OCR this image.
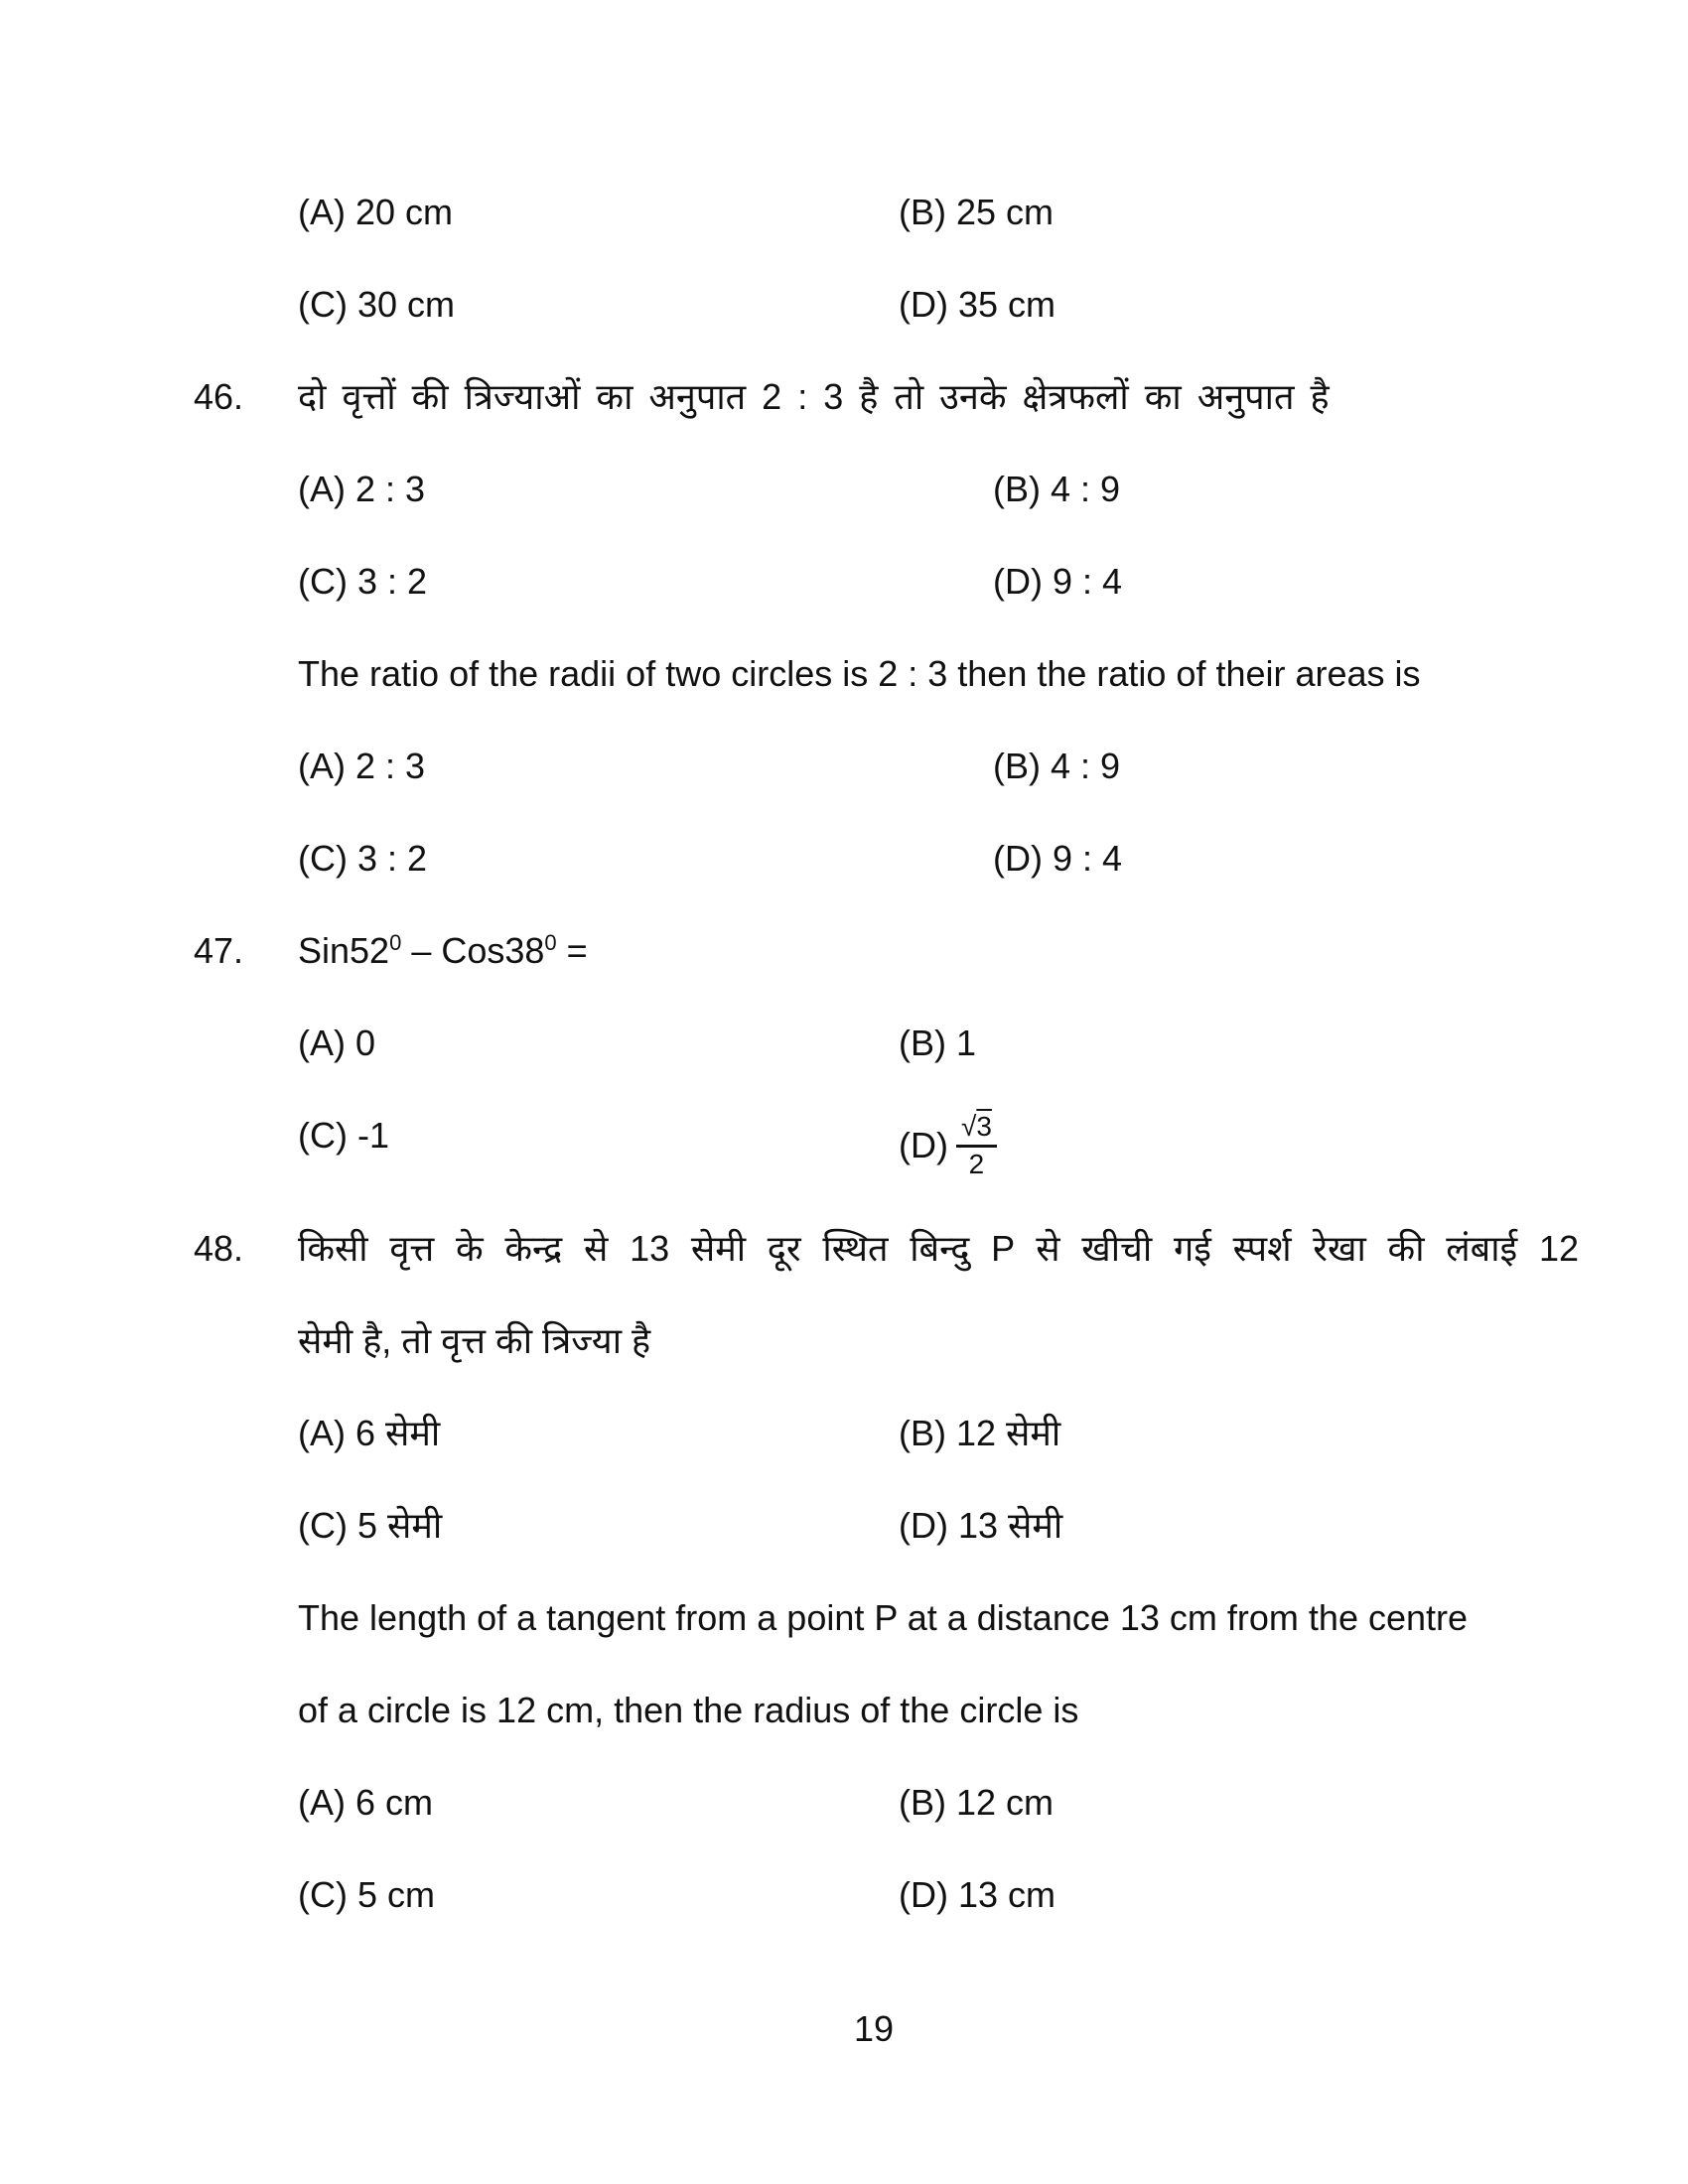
(A) 20 cm	(B) 25 cm
(C) 30 cm	(D) 35 cm
46.	दो वृत्तों की त्रिज्याओं का अनुपात 2 : 3 है तो उनके क्षेत्रफलों का अनुपात है
(A) 2 : 3	(B) 4 : 9
(C) 3 : 2	(D) 9 : 4
The ratio of the radii of two circles is 2 : 3 then the ratio of their areas is
(A) 2 : 3	(B) 4 : 9
(C) 3 : 2	(D) 9 : 4
47.	$Sin52^0 - Cos38^0$ =
(A) 0	(B) 1
(C) -1	$(D) \frac{√3}{2}$
48.	किसी वृत्त के केन्द्र से 13 सेमी दूर स्थित बिन्दु P से खीची गई स्पर्श रेखा की लंबाई 12
सेमी है, तो वृत्त की त्रिज्या है
(A) 6 सेमी	(B) 12 सेमी
(C) 5 सेमी	(D) 13 सेमी
The length of a tangent from a point P at a distance 13 cm from the centre
of a circle is 12 cm, then the radius of the circle is
(A) 6 cm	(B) 12 cm
(C) 5 cm	(D) 13 cm
19
